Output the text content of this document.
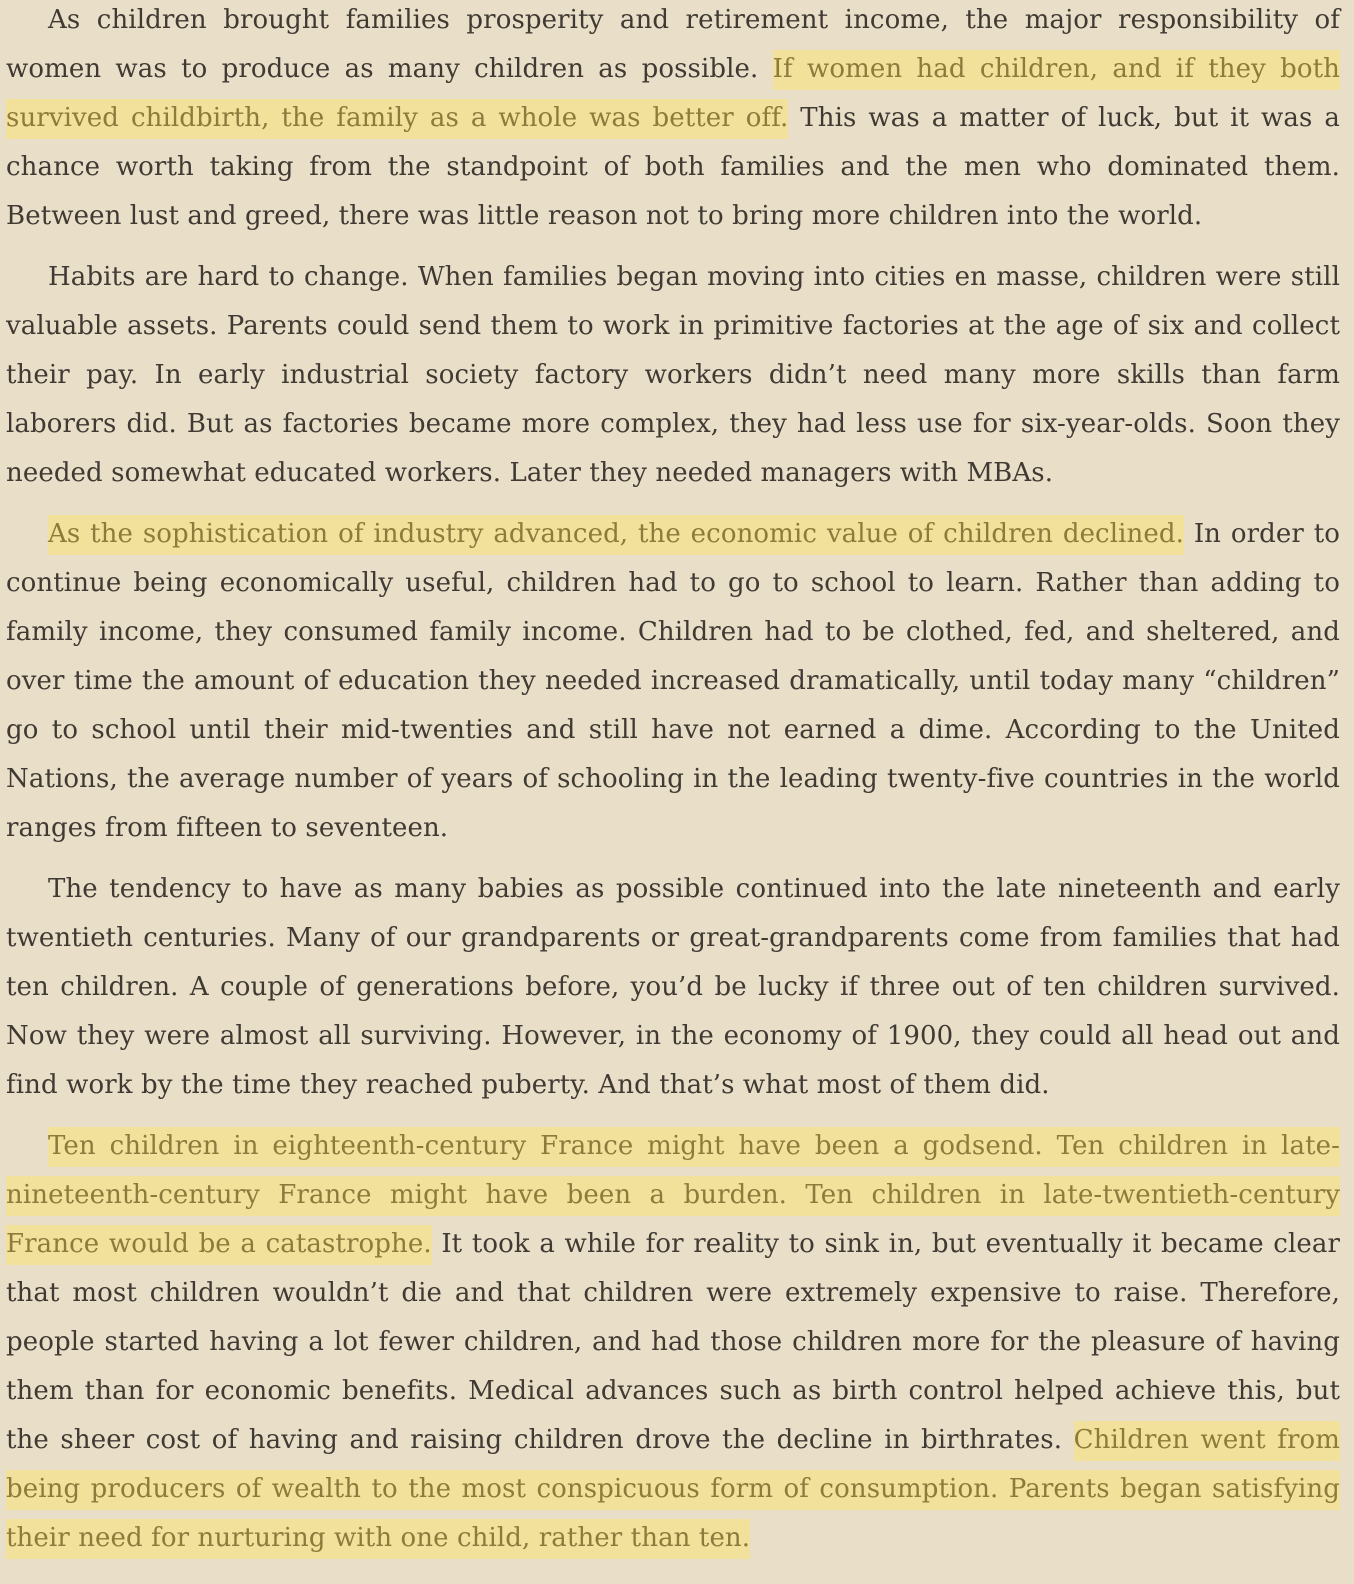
As children brought families prosperity and retirement income, the major responsibility of women was to produce as many children as possible. If women had children, and if they both survived childbirth, the family as a whole was better off. This was a matter of luck, but it was a chance worth taking from the standpoint of both families and the men who dominated them. Between lust and greed, there was little reason not to bring more children into the world.

Habits are hard to change. When families began moving into cities en masse, children were still valuable assets. Parents could send them to work in primitive factories at the age of six and collect their pay. In early industrial society factory workers didn’t need many more skills than farm laborers did. But as factories became more complex, they had less use for six-year-olds. Soon they needed somewhat educated workers. Later they needed managers with MBAs.

As the sophistication of industry advanced, the economic value of children declined. In order to continue being economically useful, children had to go to school to learn. Rather than adding to family income, they consumed family income. Children had to be clothed, fed, and sheltered, and over time the amount of education they needed increased dramatically, until today many “children” go to school until their mid-twenties and still have not earned a dime. According to the United Nations, the average number of years of schooling in the leading twenty-five countries in the world ranges from fifteen to seventeen.

The tendency to have as many babies as possible continued into the late nineteenth and early twentieth centuries. Many of our grandparents or great-grandparents come from families that had ten children. A couple of generations before, you’d be lucky if three out of ten children survived. Now they were almost all surviving. However, in the economy of 1900, they could all head out and find work by the time they reached puberty. And that’s what most of them did.

Ten children in eighteenth-century France might have been a godsend. Ten children in late-nineteenth-century France might have been a burden. Ten children in late-twentieth-century France would be a catastrophe. It took a while for reality to sink in, but eventually it became clear that most children wouldn’t die and that children were extremely expensive to raise. Therefore, people started having a lot fewer children, and had those children more for the pleasure of having them than for economic benefits. Medical advances such as birth control helped achieve this, but the sheer cost of having and raising children drove the decline in birthrates. Children went from being producers of wealth to the most conspicuous form of consumption. Parents began satisfying their need for nurturing with one child, rather than ten.
